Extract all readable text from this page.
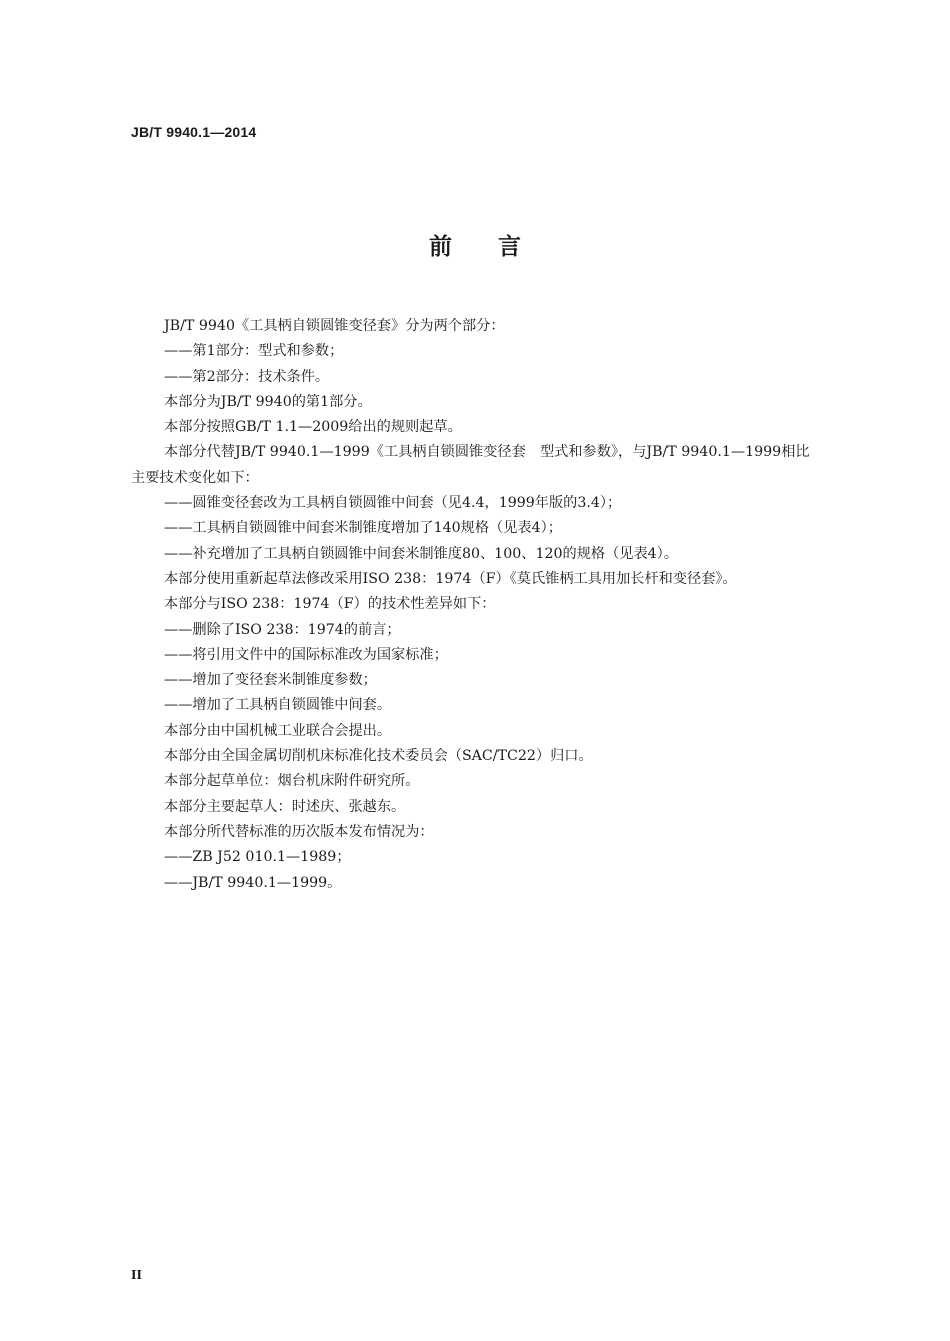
JB/T 9940.1—2014
前 言
JB/T 9940《工具柄自锁圆锥变径套》分为两个部分：
——第1部分：型式和参数；
——第2部分：技术条件。
本部分为JB/T 9940的第1部分。
本部分按照GB/T 1.1—2009给出的规则起草。
本部分代替JB/T 9940.1—1999《工具柄自锁圆锥变径套　型式和参数》，与JB/T 9940.1—1999相比
主要技术变化如下：
——圆锥变径套改为工具柄自锁圆锥中间套（见4.4，1999年版的3.4）；
——工具柄自锁圆锥中间套米制锥度增加了140规格（见表4）；
——补充增加了工具柄自锁圆锥中间套米制锥度80、100、120的规格（见表4）。
本部分使用重新起草法修改采用ISO 238：1974（F）《莫氏锥柄工具用加长杆和变径套》。
本部分与ISO 238：1974（F）的技术性差异如下：
——删除了ISO 238：1974的前言；
——将引用文件中的国际标准改为国家标准；
——增加了变径套米制锥度参数；
——增加了工具柄自锁圆锥中间套。
本部分由中国机械工业联合会提出。
本部分由全国金属切削机床标准化技术委员会（SAC/TC22）归口。
本部分起草单位：烟台机床附件研究所。
本部分主要起草人：时述庆、张越东。
本部分所代替标准的历次版本发布情况为：
——ZB J52 010.1—1989；
——JB/T 9940.1—1999。
II
